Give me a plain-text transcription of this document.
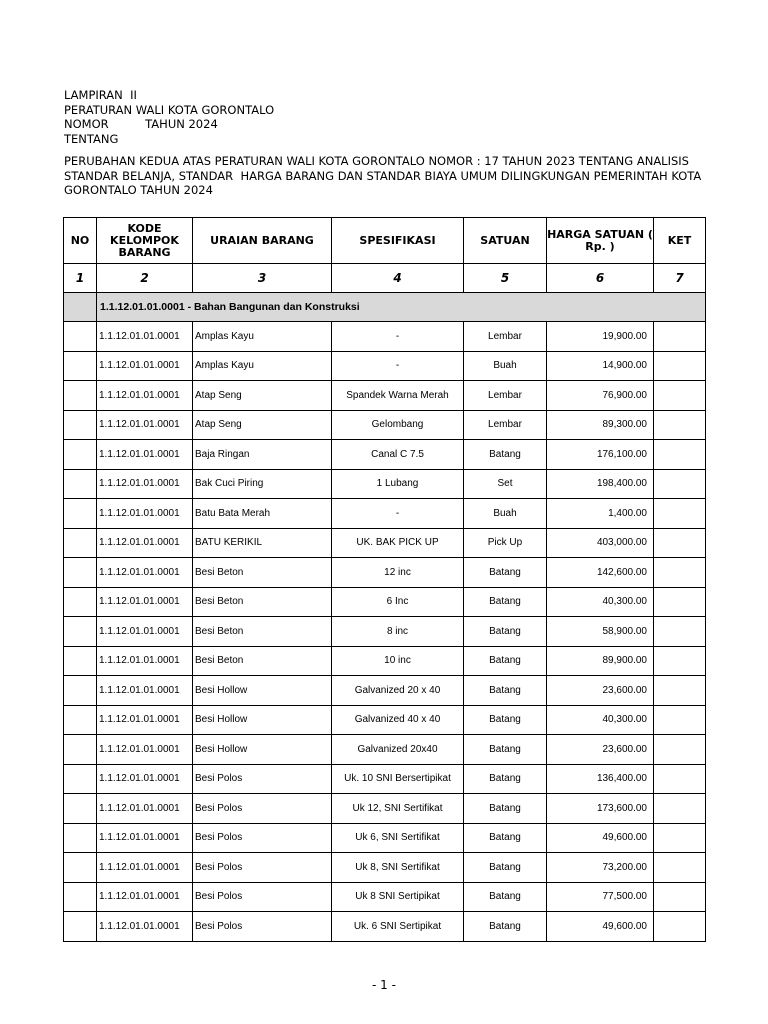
LAMPIRAN  II
PERATURAN WALI KOTA GORONTALO
NOMOR          TAHUN 2024
TENTANG
PERUBAHAN KEDUA ATAS PERATURAN WALI KOTA GORONTALO NOMOR : 17 TAHUN 2023 TENTANG ANALISIS
STANDAR BELANJA, STANDAR  HARGA BARANG DAN STANDAR BIAYA UMUM DILINGKUNGAN PEMERINTAH KOTA
GORONTALO TAHUN 2024
NO	KODE KELOMPOK BARANG	URAIAN BARANG	SPESIFIKASI	SATUAN	HARGA SATUAN ( Rp. )	KET
1	2	3	4	5	6	7
	1.1.12.01.01.0001 - Bahan Bangunan dan Konstruksi					
	1.1.12.01.01.0001	Amplas Kayu	-	Lembar	19,900.00	
	1.1.12.01.01.0001	Amplas Kayu	-	Buah	14,900.00	
	1.1.12.01.01.0001	Atap Seng	Spandek Warna Merah	Lembar	76,900.00	
	1.1.12.01.01.0001	Atap Seng	Gelombang	Lembar	89,300.00	
	1.1.12.01.01.0001	Baja Ringan	Canal C 7.5	Batang	176,100.00	
	1.1.12.01.01.0001	Bak Cuci Piring	1 Lubang	Set	198,400.00	
	1.1.12.01.01.0001	Batu Bata Merah	-	Buah	1,400.00	
	1.1.12.01.01.0001	BATU KERIKIL	UK. BAK PICK UP	Pick Up	403,000.00	
	1.1.12.01.01.0001	Besi Beton	12 inc	Batang	142,600.00	
	1.1.12.01.01.0001	Besi Beton	6 Inc	Batang	40,300.00	
	1.1.12.01.01.0001	Besi Beton	8 inc	Batang	58,900.00	
	1.1.12.01.01.0001	Besi Beton	10 inc	Batang	89,900.00	
	1.1.12.01.01.0001	Besi Hollow	Galvanized 20 x 40	Batang	23,600.00	
	1.1.12.01.01.0001	Besi Hollow	Galvanized 40 x 40	Batang	40,300.00	
	1.1.12.01.01.0001	Besi Hollow	Galvanized 20x40	Batang	23,600.00	
	1.1.12.01.01.0001	Besi Polos	Uk. 10 SNI Bersertipikat	Batang	136,400.00	
	1.1.12.01.01.0001	Besi Polos	Uk 12, SNI Sertifikat	Batang	173,600.00	
	1.1.12.01.01.0001	Besi Polos	Uk 6, SNI Sertifikat	Batang	49,600.00	
	1.1.12.01.01.0001	Besi Polos	Uk 8, SNI Sertifikat	Batang	73,200.00	
	1.1.12.01.01.0001	Besi Polos	Uk 8 SNI Sertipikat	Batang	77,500.00	
	1.1.12.01.01.0001	Besi Polos	Uk. 6 SNI Sertipikat	Batang	49,600.00	
- 1 -
